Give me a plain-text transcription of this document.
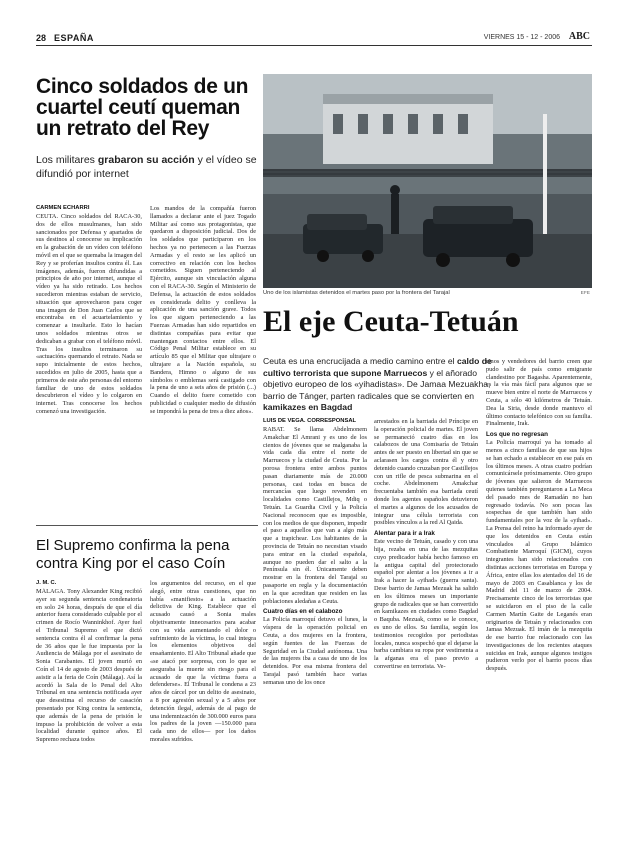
28 ESPAÑA	VIERNES 15 - 12 - 2006 ABC
Cinco soldados de un cuartel ceutí queman un retrato del Rey
Los militares grabaron su acción y el vídeo se difundió por internet
CARMEN ECHARRI

CEUTA. Cinco soldados del RACA-30, dos de ellos musulmanes, han sido sancionados por Defensa y apartados de sus destinos al conocerse su implicación en la grabación de un vídeo con teléfono móvil en el que se quemaba la imagen del Rey y se proferían insultos contra él. Las imágenes, además, fueron difundidas a principios de año por internet, aunque el vídeo ya ha sido retirado. Los hechos sucedieron mientras estaban de servicio, situación que aprovecharon para coger una imagen de Don Juan Carlos que se encontraba en el acuartelamiento y comenzar a insultarle. Esto lo hacían unos soldados mientras otros se dedicaban a grabar con el teléfono móvil. Tras los insultos terminaron su «actuación» quemando el retrato. Nada se supo inicialmente de estos hechos, sucedidos en julio de 2005, hasta que a primeros de este año personas del entorno familiar de uno de estos soldados descubrieron el vídeo y lo colgaron en internet. Tras conocerse los hechos comenzó una investigación.

Los mandos de la compañía fueron llamados a declarar ante el juez Togado Militar así como sus protagonistas, que quedaron a disposición judicial. Dos de los soldados que participaron en los hechos ya no pertenecen a las Fuerzas Armadas y el resto se les aplicó un correctivo en relación con los hechos cometidos. Siguen perteneciendo al Ejército, aunque sin vinculación alguna con el RACA-30. Según el Ministerio de Defensa, la actuación de estos soldados es considerada delito y conlleva la aplicación de una sanción grave. Todos los que siguen perteneciendo a las Fuerzas Armadas han sido repartidos en distintas compañías para evitar que mantengan contactos entre ellos. El Código Penal Militar establece en su artículo 85 que el Militar que ultrajare o ultrajare a la Nación española, su Bandera, Himno o alguno de sus símbolos o emblemas será castigado con la pena de uno a seis años de prisión (...) Cuando el delito fuere cometido con publicidad o cualquier medio de difusión se impondrá la pena de tres a diez años».

El Supremo confirma la pena contra King por el caso Coín
J. M. C.

MÁLAGA. Tony Alexander King recibió ayer su segunda sentencia condenatoria en solo 24 horas, después de que el día anterior fuera considerado culpable por el crimen de Rocío Wanninkhof. Ayer fuel el Tribunal Supremo el que dictó sentencia contra él al confirmar la pena de 36 años que le fue impuesta por la Audiencia de Málaga por el asesinato de Sonia Carabantes. El joven murió en Coín el 14 de agosto de 2003 después de asistir a la feria de Coín (Málaga). Así la acordó la Sala de lo Penal del Alto Tribunal en una sentencia notificada ayer que desestima el recurso de casación presentado por King contra la sentencia, que además de la pena de prisión le impuso la prohibición de volver a esta localidad durante quince años. El Supremo rechaza todos

los argumentos del recurso, en el que alegó, entre otras cuestiones, que no había «manifiesto» a la actuación delictiva de King. Establece que el acusado causó a Sonia males objetivamente innecesarios para acabar con su vida aumentando el dolor o sufrimiento de la víctima, lo cual integra los elementos objetivos del ensañamiento. El Alto Tribunal añade que «se atacó por sorpresa, con lo que se aseguraba la muerte sin riesgo para el acusado de que la víctima fuera a defenderse». El Tribunal le condena a 23 años de cárcel por un delito de asesinato, a 8 por agresión sexual y a 5 años por detención ilegal, además de al pago de una indemnización de 300.000 euros para los padres de la joven —150.000 para cada uno de ellos— por los daños morales sufridos.

Uno de los islamistas detenidos el martes paso por la frontera del Tarajal	EFE
El eje Ceuta-Tetuán
Ceuta es una encrucijada a medio camino entre el caldo de cultivo terrorista que supone Marruecos y el añorado objetivo europeo de los «yihadistas». De Jamaa Mezuakha, barrio de Tánger, parten radicales que se convierten en kamikazes en Bagdad
LUIS DE VEGA. CORRESPONSAL

RABAT. Se llama Abdelmonem Amakchar El Amrani y es uno de los cientos de jóvenes que se malganaba la vida cada día entre el norte de Marruecos y la ciudad de Ceuta. Por la porosa frontera entre ambos puntos pasan diariamente más de 20.000 personas, casi todas en busca de mercancías que luego revenden en localidades como Castillejos, Mdiq o Tetuán. La Guardia Civil y la Policía Nacional reconocen que es imposible, con los medios de que disponen, impedir el paso a aquellos que van a algo más que a trapichear. Los habitantes de la provincia de Tetuán no necesitan visado para entrar en la ciudad española, aunque no pueden dar el salto a la Península sin él. Únicamente deben mostrar en la frontera del Tarajal su pasaporte en regla y la documentación en la que acreditan que residen en las poblaciones aledañas a Ceuta.

Cuatro días en el calabozo

La Policía marroquí detuvo el lunes, la víspera de la operación policial en Ceuta, a dos mujeres en la frontera, según fuentes de las Fuerzas de Seguridad en la Ciudad autónoma. Una de las mujeres iba a casa de uno de los detenidos. Por esa misma frontera del Tarajal pasó también hace varias semanas uno de los once

arrestados en la barriada del Príncipe en la operación policial de martes. El joven se permaneció cuatro días en los calabozos de una Comisaría de Tetuán antes de ser puesto en libertad sin que se aclarasen los cargos contra él y otro detenido cuando cruzaban por Castillejos con un rifle de pesca submarina en el coche. Abdelmonem Amakchar frecuentaba también esa barriada ceutí donde los agentes españoles detuvieron el martes a algunos de los acusados de integrar una célula terrorista con posibles vínculos a la red Al Qaida.

Alentar para ir a Irak

Este vecino de Tetuán, casado y con una hija, rezaba en una de las mezquitas cuyo predicador había hecho famoso en la antigua capital del protectorado español por alentar a los jóvenes a ir a Irak a hacer la «yihad» (guerra santa). Dese barrio de Jamaa Mezuak ha salido en los últimos meses un importante grupo de radicales que se han convertido en kamikazes en ciudades como Bagdad o Baquba. Mezuak, como se le conoce, es uno de ellos. Su familia, según los testimonios recogidos por periodistas locales, nunca sospechó que el dejarse la barba cambiara su ropa por vestimenta a la afganas era el paso previo a convertirse en terrorista. Ve-

cinos y vendedores del barrio creen que pudo salir de país como emigrante clandestino por Bagasha. Aparentemente, es la vía más fácil para algunos que se mueve bien entre el norte de Marruecos y Ceuta, a sólo 40 kilómetros de Tetuán. Dea la Siria, desde donde mantuvo el último contacto telefónico con su familia. Finalmente, Irak.

Los que no regresan

La Policía marroquí ya ha tomado al menos a cinco familias de que sus hijos se han echado a establecer en ese país en los últimos meses. A otras cuatro podrían comunicársele próximamente. Otro grupo de jóvenes que salieron de Marruecos quienes también pereguntaron a La Meca del pasado mes de Ramadán no han regresado todavía. No son pocas las sospechas de que también han sido fundamentales por la voz de la «yihad». La Prensa del reino ha informado ayer de que los detenidos en Ceuta están vinculados al Grupo Islámico Combatiente Marroquí (GICM), cuyos integrantes han sido relacionados con distintas acciones terroristas en Europa y África, entre ellas los atentados del 16 de mayo de 2003 en Casablanca y los de Madrid del 11 de marzo de 2004. Precisamente cinco de los terroristas que se suicidaron en el piso de la calle Carmen Martín Gaite de Leganés eran originarios de Tetuán y relacionados con Jamaa Mezuak. El imán de la mezquita de ese barrio fue relacionado con las investigaciones de los recientes ataques suicidas en Irak, aunque algunos testigos pudieron verlo por el barrio pocos días después.
